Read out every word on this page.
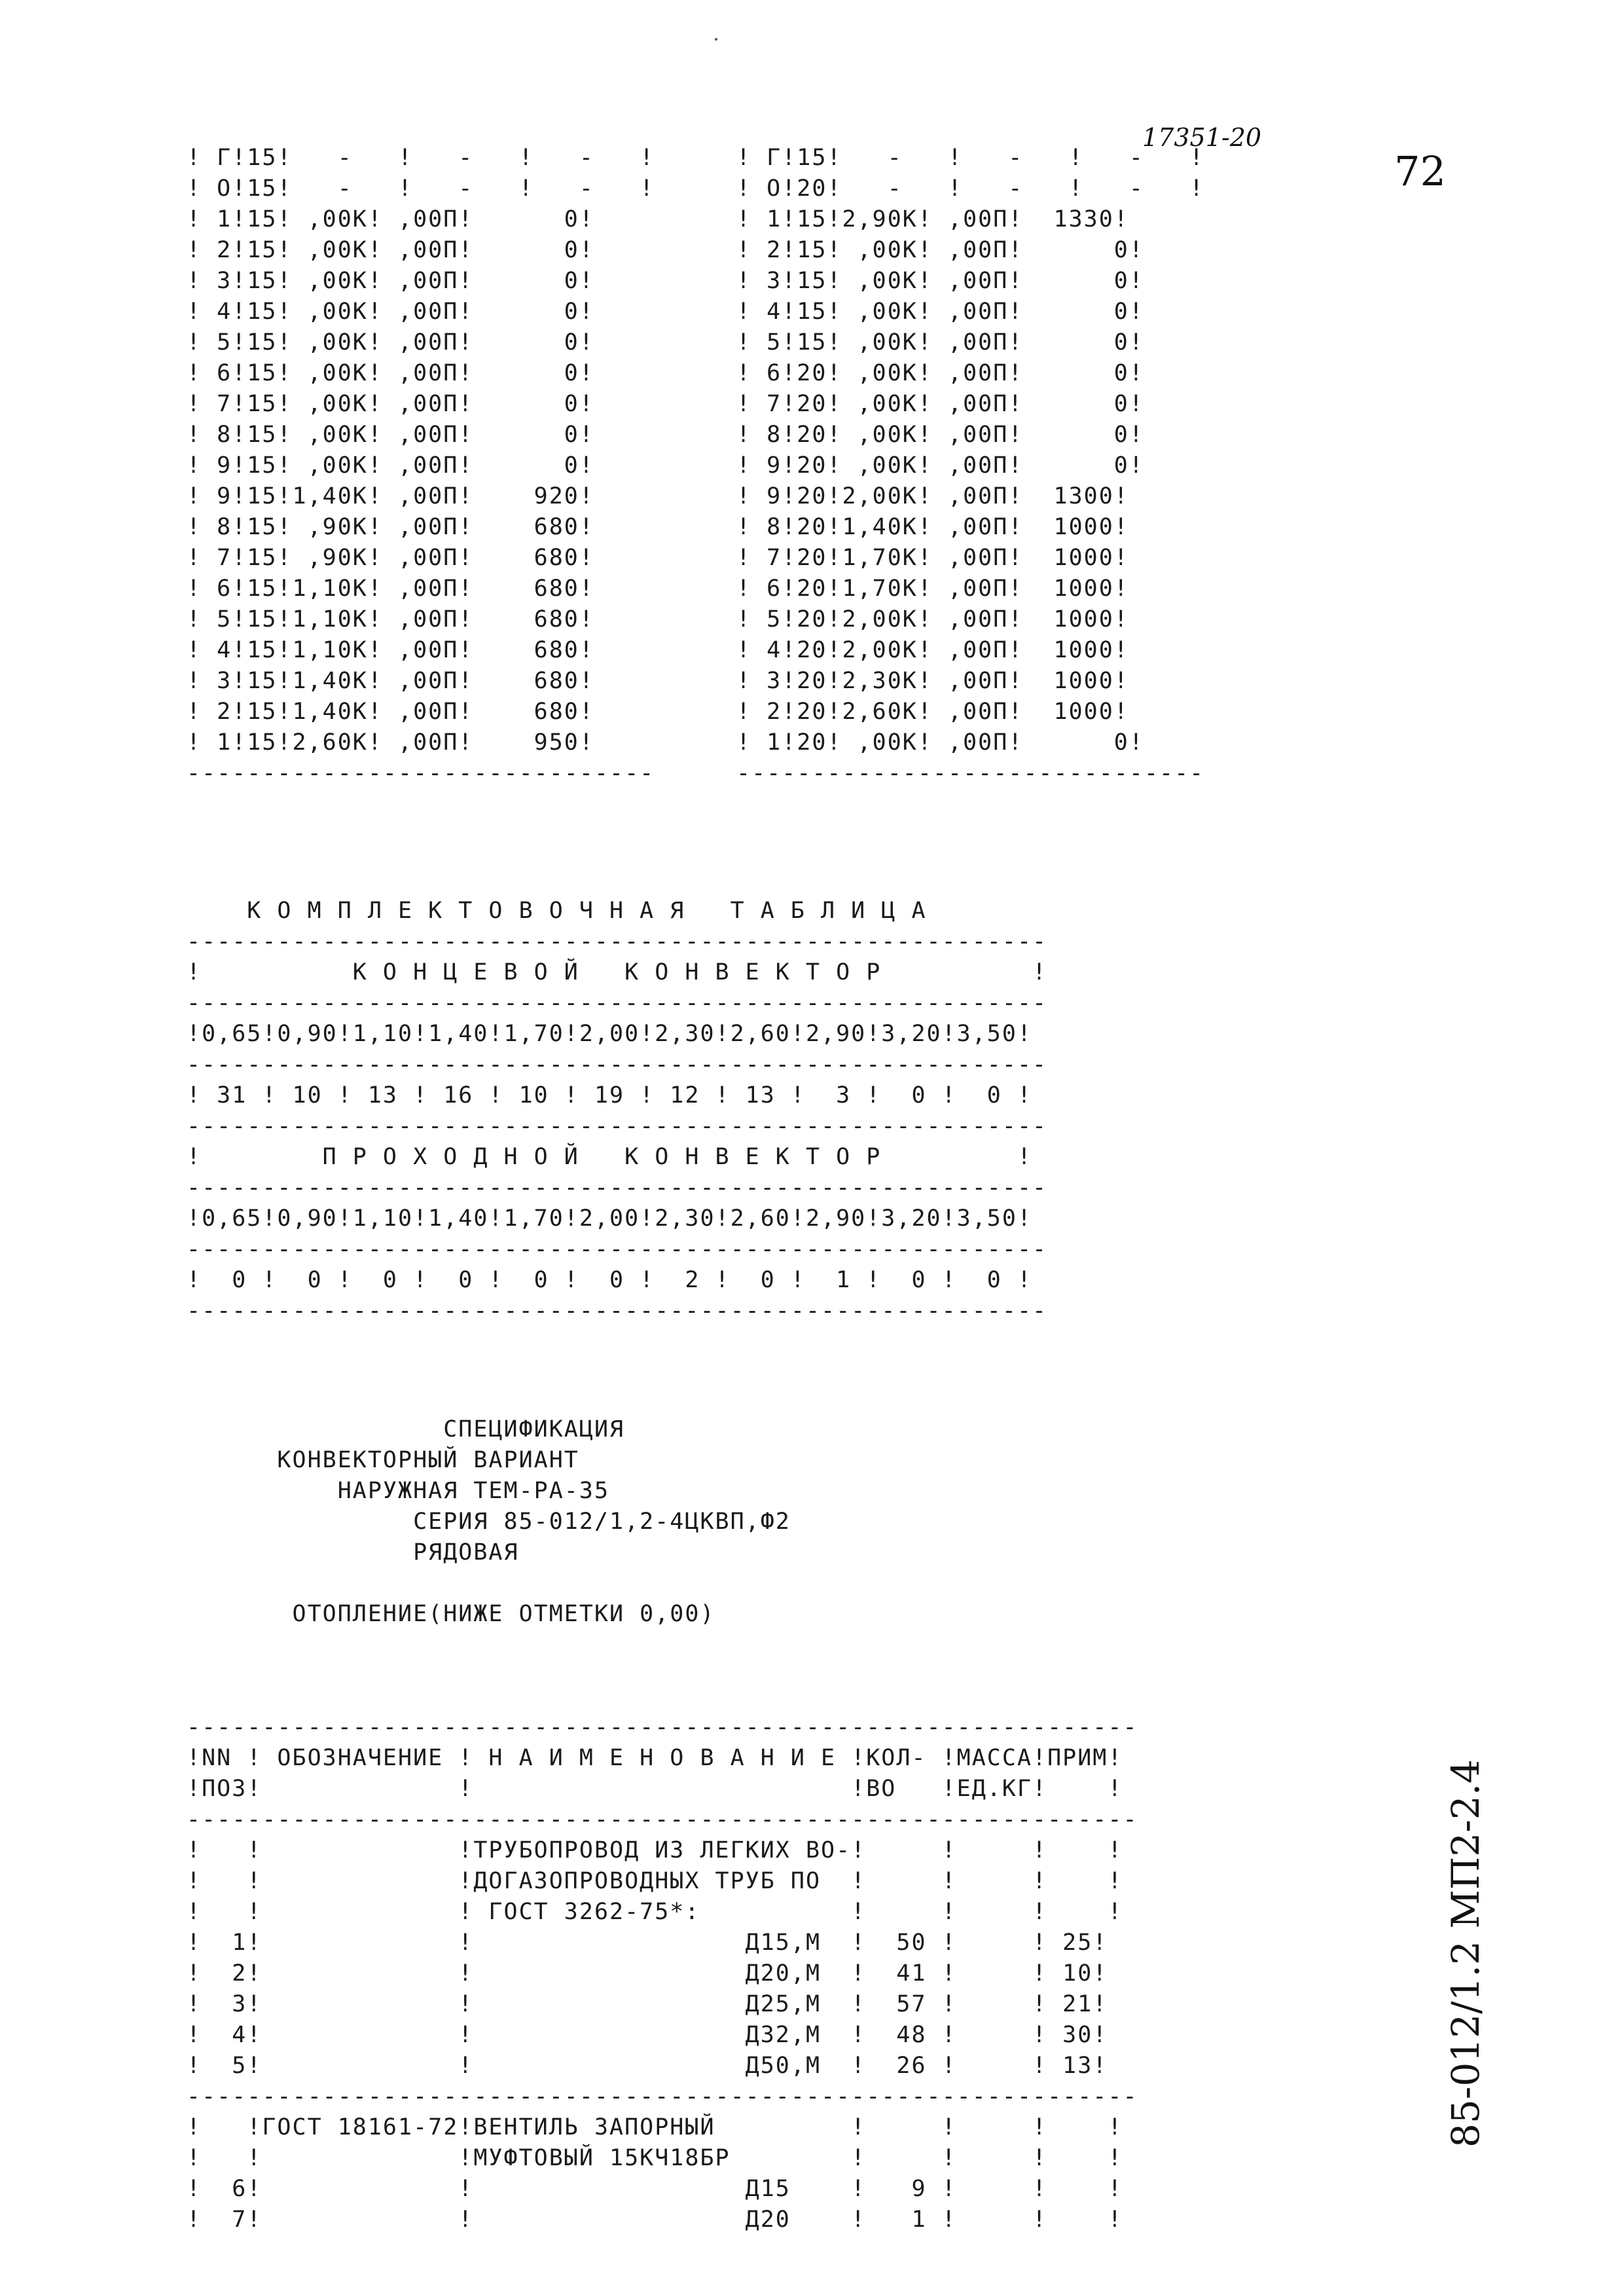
17351-20
72
85-012/1.2 МП2-2.4
! Г!15!   -   !   -   !   -   !
! О!15!   -   !   -   !   -   !
! 1!15! ,00К! ,00П!      0!
! 2!15! ,00К! ,00П!      0!
! 3!15! ,00К! ,00П!      0!
! 4!15! ,00К! ,00П!      0!
! 5!15! ,00К! ,00П!      0!
! 6!15! ,00К! ,00П!      0!
! 7!15! ,00К! ,00П!      0!
! 8!15! ,00К! ,00П!      0!
! 9!15! ,00К! ,00П!      0!
! 9!15!1,40К! ,00П!    920!
! 8!15! ,90К! ,00П!    680!
! 7!15! ,90К! ,00П!    680!
! 6!15!1,10К! ,00П!    680!
! 5!15!1,10К! ,00П!    680!
! 4!15!1,10К! ,00П!    680!
! 3!15!1,40К! ,00П!    680!
! 2!15!1,40К! ,00П!    680!
! 1!15!2,60К! ,00П!    950!
-------------------------------
! Г!15!   -   !   -   !   -   !
! О!20!   -   !   -   !   -   !
! 1!15!2,90К! ,00П!  1330!
! 2!15! ,00К! ,00П!      0!
! 3!15! ,00К! ,00П!      0!
! 4!15! ,00К! ,00П!      0!
! 5!15! ,00К! ,00П!      0!
! 6!20! ,00К! ,00П!      0!
! 7!20! ,00К! ,00П!      0!
! 8!20! ,00К! ,00П!      0!
! 9!20! ,00К! ,00П!      0!
! 9!20!2,00К! ,00П!  1300!
! 8!20!1,40К! ,00П!  1000!
! 7!20!1,70К! ,00П!  1000!
! 6!20!1,70К! ,00П!  1000!
! 5!20!2,00К! ,00П!  1000!
! 4!20!2,00К! ,00П!  1000!
! 3!20!2,30К! ,00П!  1000!
! 2!20!2,60К! ,00П!  1000!
! 1!20! ,00К! ,00П!      0!
-------------------------------
К О М П Л Е К Т О В О Ч Н А Я   Т А Б Л И Ц А
---------------------------------------------------------
!          К О Н Ц Е В О Й   К О Н В Е К Т О Р          !
---------------------------------------------------------
!0,65!0,90!1,10!1,40!1,70!2,00!2,30!2,60!2,90!3,20!3,50!
---------------------------------------------------------
! 31 ! 10 ! 13 ! 16 ! 10 ! 19 ! 12 ! 13 !  3 !  0 !  0 !
---------------------------------------------------------
!        П Р О Х О Д Н О Й   К О Н В Е К Т О Р         !
---------------------------------------------------------
!0,65!0,90!1,10!1,40!1,70!2,00!2,30!2,60!2,90!3,20!3,50!
---------------------------------------------------------
!  0 !  0 !  0 !  0 !  0 !  0 !  2 !  0 !  1 !  0 !  0 !
---------------------------------------------------------
СПЕЦИФИКАЦИЯ
КОНВЕКТОРНЫЙ ВАРИАНТ
НАРУЖНАЯ ТЕМ-РА-35
СЕРИЯ 85-012/1,2-4ЦКВП,Ф2
РЯДОВАЯ

ОТОПЛЕНИЕ(НИЖЕ ОТМЕТКИ 0,00)
---------------------------------------------------------------
!NN ! ОБОЗНАЧЕНИЕ ! Н А И М Е Н О В А Н И Е !КОЛ- !МАССА!ПРИМ!
!ПОЗ!             !                         !ВО   !ЕД.КГ!    !
---------------------------------------------------------------
!   !             !ТРУБОПРОВОД ИЗ ЛЕГКИХ ВО-!     !     !    !
!   !             !ДОГАЗОПРОВОДНЫХ ТРУБ ПО  !     !     !    !
!   !             ! ГОСТ 3262-75*:          !     !     !    !
!  1!             !                  Д15,М  !  50 !     ! 25!
!  2!             !                  Д20,М  !  41 !     ! 10!
!  3!             !                  Д25,М  !  57 !     ! 21!
!  4!             !                  Д32,М  !  48 !     ! 30!
!  5!             !                  Д50,М  !  26 !     ! 13!
---------------------------------------------------------------
!   !ГОСТ 18161-72!ВЕНТИЛЬ ЗАПОРНЫЙ         !     !     !    !
!   !             !МУФТОВЫЙ 15КЧ18БР        !     !     !    !
!  6!             !                  Д15    !   9 !     !    !
!  7!             !                  Д20    !   1 !     !    !
